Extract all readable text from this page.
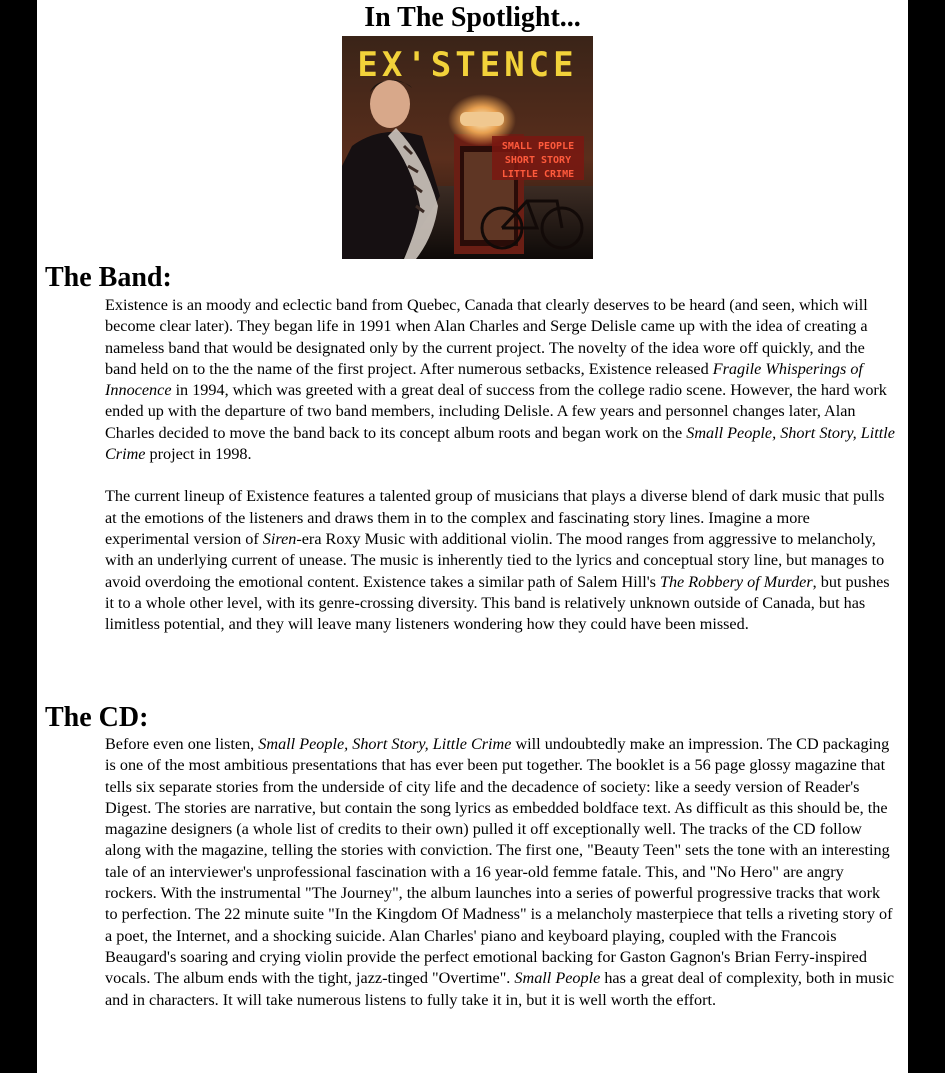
In The Spotlight...
EX'STENCE
SMALL PEOPLE
SHORT STORY
LITTLE CRIME
The Band:

Existence is an moody and eclectic band from Quebec, Canada that clearly deserves to be heard (and seen, which will become clear later). They began life in 1991 when Alan Charles and Serge Delisle came up with the idea of creating a nameless band that would be designated only by the current project. The novelty of the idea wore off quickly, and the band held on to the the name of the first project. After numerous setbacks, Existence released Fragile Whisperings of Innocence in 1994, which was greeted with a great deal of success from the college radio scene. However, the hard work ended up with the departure of two band members, including Delisle. A few years and personnel changes later, Alan Charles decided to move the band back to its concept album roots and began work on the Small People, Short Story, Little Crime project in 1998.

The current lineup of Existence features a talented group of musicians that plays a diverse blend of dark music that pulls at the emotions of the listeners and draws them in to the complex and fascinating story lines. Imagine a more experimental version of Siren-era Roxy Music with additional violin. The mood ranges from aggressive to melancholy, with an underlying current of unease. The music is inherently tied to the lyrics and conceptual story line, but manages to avoid overdoing the emotional content. Existence takes a similar path of Salem Hill's The Robbery of Murder, but pushes it to a whole other level, with its genre-crossing diversity. This band is relatively unknown outside of Canada, but has limitless potential, and they will leave many listeners wondering how they could have been missed.

The CD:

Before even one listen, Small People, Short Story, Little Crime will undoubtedly make an impression. The CD packaging is one of the most ambitious presentations that has ever been put together. The booklet is a 56 page glossy magazine that tells six separate stories from the underside of city life and the decadence of society: like a seedy version of Reader's Digest. The stories are narrative, but contain the song lyrics as embedded boldface text. As difficult as this should be, the magazine designers (a whole list of credits to their own) pulled it off exceptionally well. The tracks of the CD follow along with the magazine, telling the stories with conviction. The first one, "Beauty Teen" sets the tone with an interesting tale of an interviewer's unprofessional fascination with a 16 year-old femme fatale. This, and "No Hero" are angry rockers. With the instrumental "The Journey", the album launches into a series of powerful progressive tracks that work to perfection. The 22 minute suite "In the Kingdom Of Madness" is a melancholy masterpiece that tells a riveting story of a poet, the Internet, and a shocking suicide. Alan Charles' piano and keyboard playing, coupled with the Francois Beaugard's soaring and crying violin provide the perfect emotional backing for Gaston Gagnon's Brian Ferry-inspired vocals. The album ends with the tight, jazz-tinged "Overtime". Small People has a great deal of complexity, both in music and in characters. It will take numerous listens to fully take it in, but it is well worth the effort.
